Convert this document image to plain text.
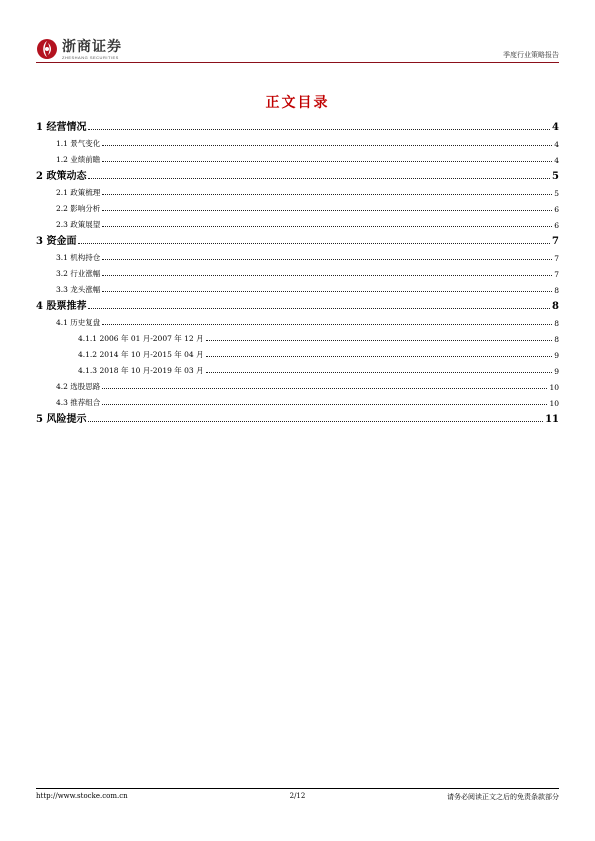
浙商证券
ZHESHANG SECURITIES	季度行业策略报告
正文目录
1 经营情况	4
1.1 景气变化	4
1.2 业绩前瞻	4
2 政策动态	5
2.1 政策梳理	5
2.2 影响分析	6
2.3 政策展望	6
3 资金面	7
3.1 机构持仓	7
3.2 行业涨幅	7
3.3 龙头涨幅	8
4 股票推荐	8
4.1 历史复盘	8
4.1.1 2006 年 01 月-2007 年 12 月	8
4.1.2 2014 年 10 月-2015 年 04 月	9
4.1.3 2018 年 10 月-2019 年 03 月	9
4.2 选股思路	10
4.3 推荐组合	10
5 风险提示	11
http://www.stocke.com.cn	2/12	请务必阅读正文之后的免责条款部分
